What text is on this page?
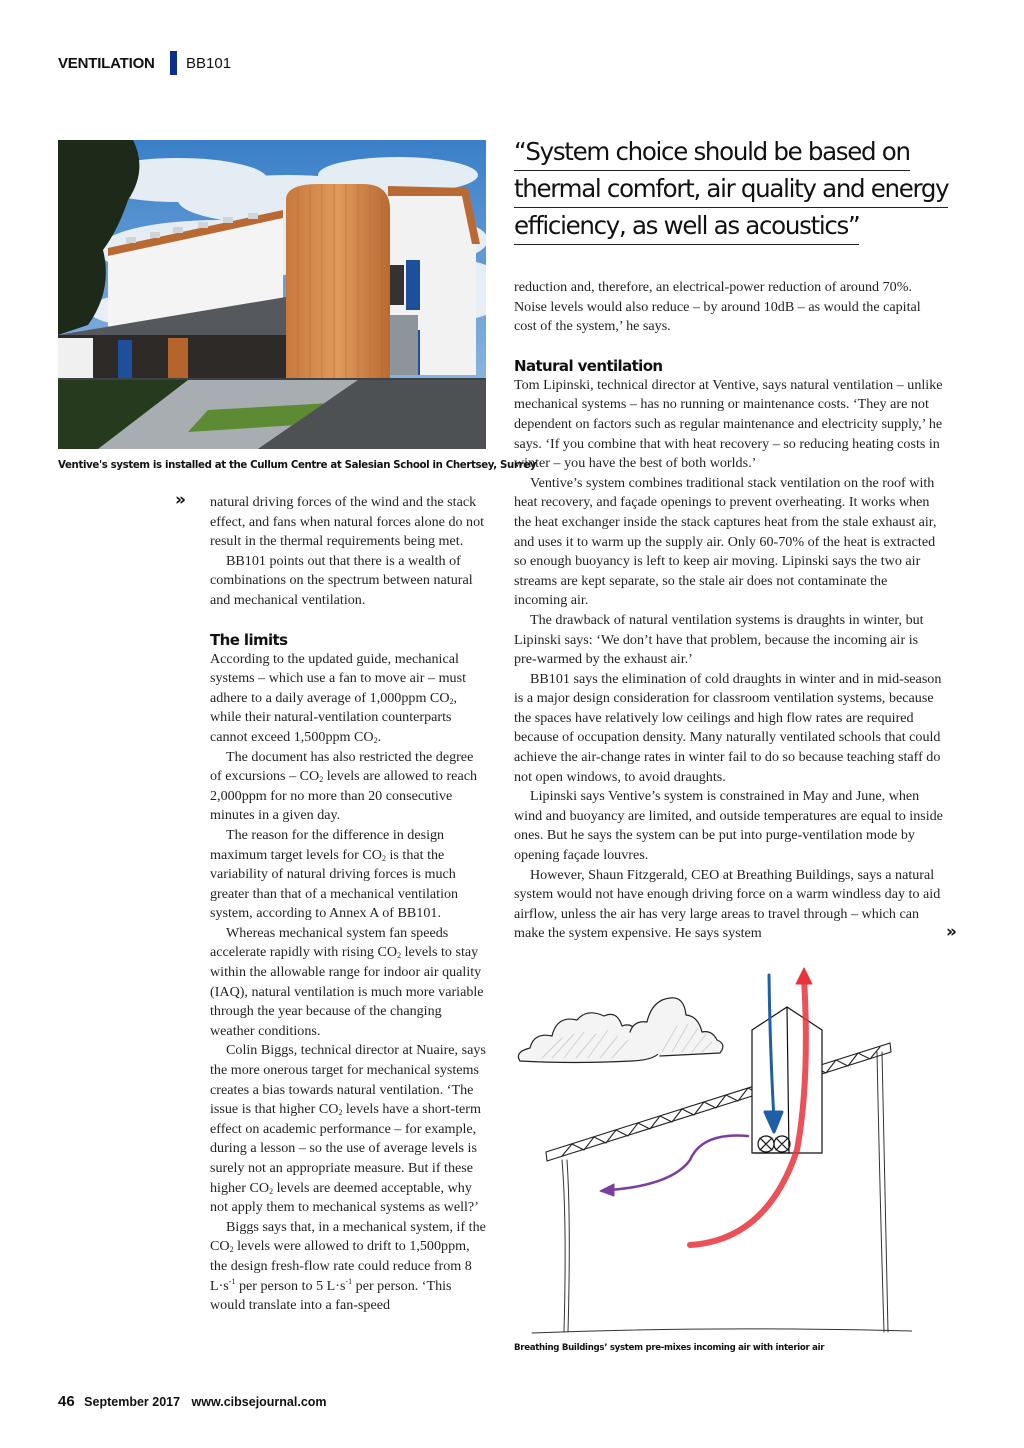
VENTILATION BB101
Ventive's system is installed at the Cullum Centre at Salesian School in Chertsey, Surrey
“System choice should be based on
thermal comfort, air quality and energy
efficiency, as well as acoustics”
» natural driving forces of the wind and the stack effect, and fans when natural forces alone do not result in the thermal requirements being met.

BB101 points out that there is a wealth of combinations on the spectrum between natural and mechanical ventilation.

The limits

According to the updated guide, mechanical systems – which use a fan to move air – must adhere to a daily average of 1,000ppm $CO_2$, while their natural-ventilation counterparts cannot exceed 1,500ppm $CO_2$.

The document has also restricted the degree of excursions – $CO_2$ levels are allowed to reach 2,000ppm for no more than 20 consecutive minutes in a given day.

The reason for the difference in design maximum target levels for $CO_2$ is that the variability of natural driving forces is much greater than that of a mechanical ventilation system, according to Annex A of BB101.

Whereas mechanical system fan speeds accelerate rapidly with rising $CO_2$ levels to stay within the allowable range for indoor air quality (IAQ), natural ventilation is much more variable through the year because of the changing weather conditions.

Colin Biggs, technical director at Nuaire, says the more onerous target for mechanical systems creates a bias towards natural ventilation. ‘The issue is that higher $CO_2$ levels have a short-term effect on academic performance – for example, during a lesson – so the use of average levels is surely not an appropriate measure. But if these higher $CO_2$ levels are deemed acceptable, why not apply them to mechanical systems as well?’

Biggs says that, in a mechanical system, if the $CO_2$ levels were allowed to drift to 1,500ppm, the design fresh-flow rate could reduce from 8 $L\cdot s^{-1}$ per person to 5 $L\cdot s^{-1}$ per person. ‘This would translate into a fan-speed

reduction and, therefore, an electrical-power reduction of around 70%. Noise levels would also reduce – by around 10dB – as would the capital cost of the system,’ he says.

Natural ventilation

Tom Lipinski, technical director at Ventive, says natural ventilation – unlike mechanical systems – has no running or maintenance costs. ‘They are not dependent on factors such as regular maintenance and electricity supply,’ he says. ‘If you combine that with heat recovery – so reducing heating costs in winter – you have the best of both worlds.’

Ventive’s system combines traditional stack ventilation on the roof with heat recovery, and façade openings to prevent overheating. It works when the heat exchanger inside the stack captures heat from the stale exhaust air, and uses it to warm up the supply air. Only 60-70% of the heat is extracted so enough buoyancy is left to keep air moving. Lipinski says the two air streams are kept separate, so the stale air does not contaminate the incoming air.

The drawback of natural ventilation systems is draughts in winter, but Lipinski says: ‘We don’t have that problem, because the incoming air is pre-warmed by the exhaust air.’

BB101 says the elimination of cold draughts in winter and in mid-season is a major design consideration for classroom ventilation systems, because the spaces have relatively low ceilings and high flow rates are required because of occupation density. Many naturally ventilated schools that could achieve the air-change rates in winter fail to do so because teaching staff do not open windows, to avoid draughts.

Lipinski says Ventive’s system is constrained in May and June, when wind and buoyancy are limited, and outside temperatures are equal to inside ones. But he says the system can be put into purge-ventilation mode by opening façade louvres.

However, Shaun Fitzgerald, CEO at Breathing Buildings, says a natural system would not have enough driving force on a warm windless day to aid airflow, unless the air has very large areas to travel through – which can make the system expensive. He says system	»
Breathing Buildings’ system pre-mixes incoming air with interior air
46 September 2017 www.cibsejournal.com
